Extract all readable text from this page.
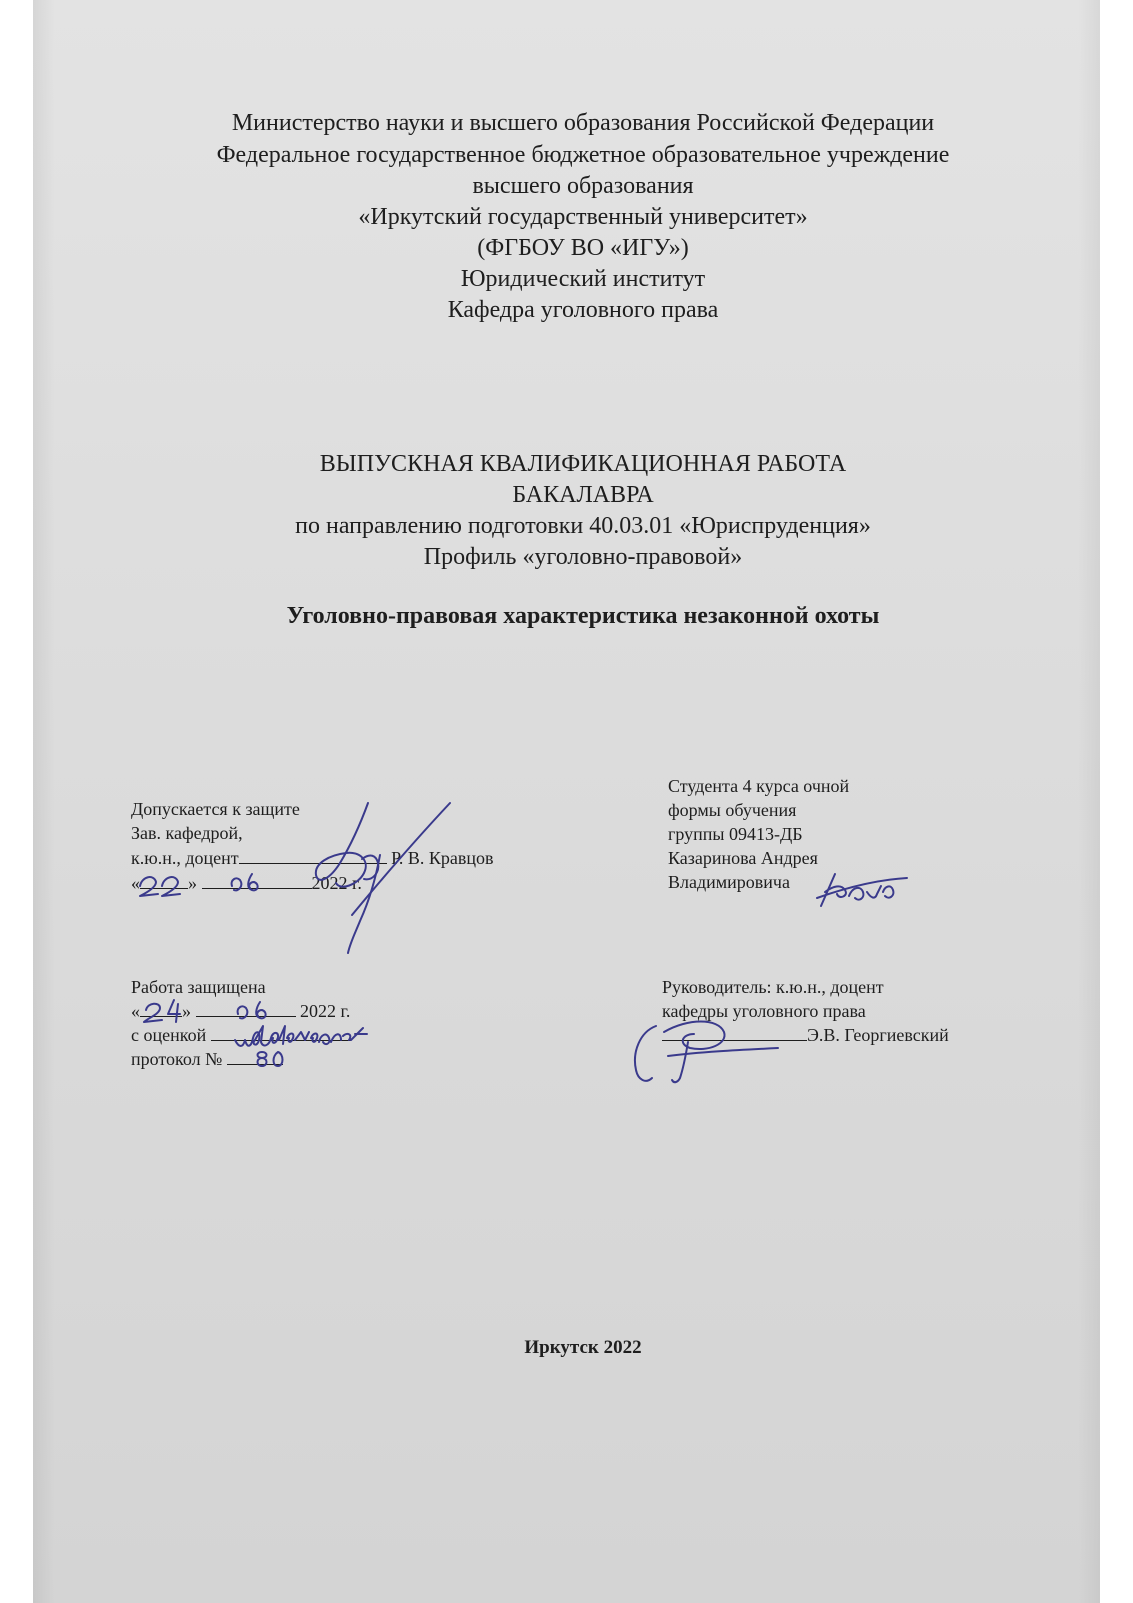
Министерство науки и высшего образования Российской Федерации
Федеральное государственное бюджетное образовательное учреждение
высшего образования
«Иркутский государственный университет»
(ФГБОУ ВО «ИГУ»)
Юридический институт
Кафедра уголовного права
ВЫПУСКНАЯ КВАЛИФИКАЦИОННАЯ РАБОТА
БАКАЛАВРА
по направлению подготовки 40.03.01 «Юриспруденция»
Профиль «уголовно-правовой»
Уголовно-правовая характеристика незаконной охоты
Допускается к защите
Зав. кафедрой,
к.ю.н., доцент	Р. В. Кравцов
«	»	2022 г.
Студента 4 курса очной
формы обучения
группы 09413-ДБ
Казаринова Андрея
Владимировича
Работа защищена
« »	2022 г.
с оценкой
протокол №
Руководитель: к.ю.н., доцент
кафедры уголовного права
Э.В. Георгиевский
Иркутск 2022
